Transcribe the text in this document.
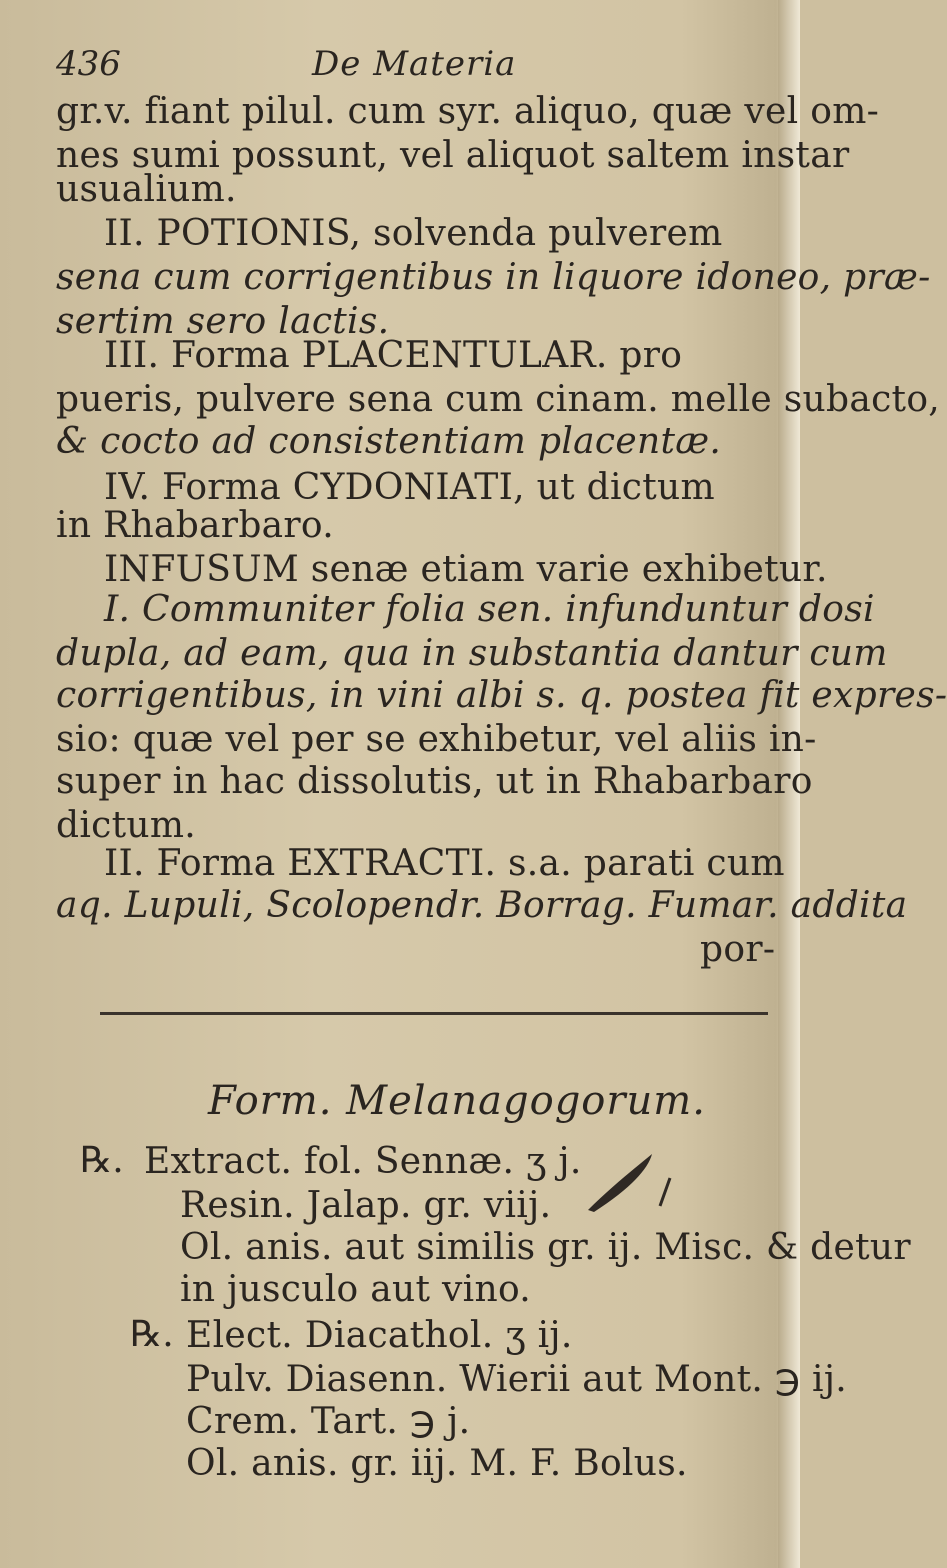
436	De Materia
gr.v. fiant pilul. cum syr. aliquo, quæ vel om-
nes sumi possunt, vel aliquot saltem instar
usualium.
II. POTIONIS, solvenda pulverem
sena cum corrigentibus in liquore idoneo, præ-
sertim sero lactis.
III. Forma PLACENTULAR. pro
pueris, pulvere sena cum cinam. melle subacto,
& cocto ad consistentiam placentæ.
IV. Forma CYDONIATI, ut dictum
in Rhabarbaro.
INFUSUM senæ etiam varie exhibetur.
I. Communiter folia sen. infunduntur dosi
dupla, ad eam, qua in substantia dantur cum
corrigentibus, in vini albi s. q. postea fit expres-
sio: quæ vel per se exhibetur, vel aliis in-
super in hac dissolutis, ut in Rhabarbaro
dictum.
II. Forma EXTRACTI. s.a. parati cum
aq. Lupuli, Scolopendr. Borrag. Fumar. addita
por-
Form. Melanagogorum.
℞. Extract. fol. Sennæ. ʒ j.
Resin. Jalap. gr. viij.
Ol. anis. aut similis gr. ij. Misc. & detur
in jusculo aut vino.
℞. Elect. Diacathol. ʒ ij.
Pulv. Diasenn. Wierii aut Mont. ℈ ij.
Crem. Tart. ℈ j.
Ol. anis. gr. iij. M. F. Bolus.
